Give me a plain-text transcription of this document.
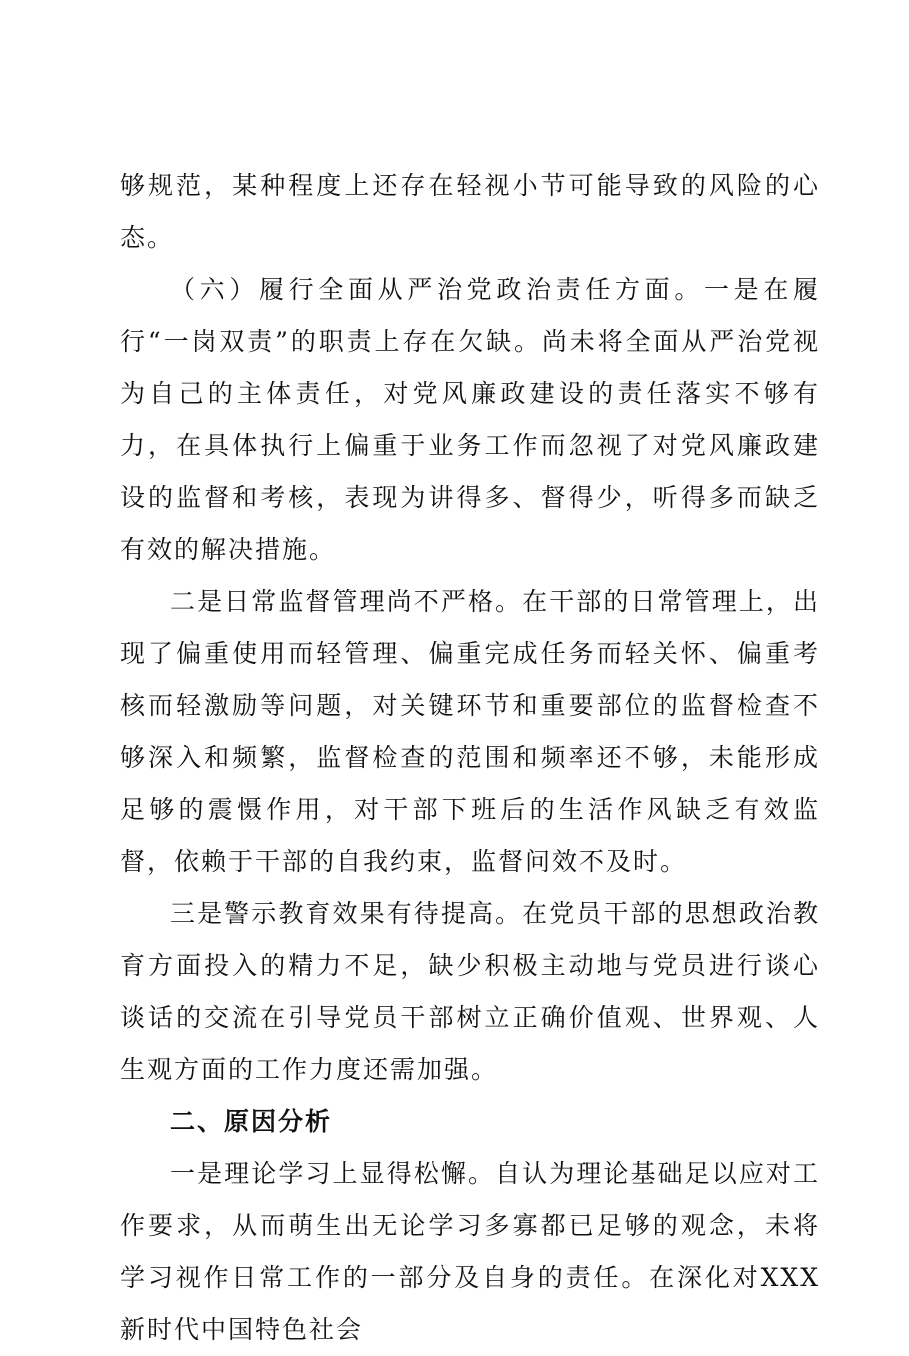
够规范，某种程度上还存在轻视小节可能导致的风险的心态。

（六）履行全面从严治党政治责任方面。一是在履行“一岗双责”的职责上存在欠缺。尚未将全面从严治党视为自己的主体责任，对党风廉政建设的责任落实不够有力，在具体执行上偏重于业务工作而忽视了对党风廉政建设的监督和考核，表现为讲得多、督得少，听得多而缺乏有效的解决措施。

二是日常监督管理尚不严格。在干部的日常管理上，出现了偏重使用而轻管理、偏重完成任务而轻关怀、偏重考核而轻激励等问题，对关键环节和重要部位的监督检查不够深入和频繁，监督检查的范围和频率还不够，未能形成足够的震慑作用，对干部下班后的生活作风缺乏有效监督，依赖于干部的自我约束，监督问效不及时。

三是警示教育效果有待提高。在党员干部的思想政治教育方面投入的精力不足，缺少积极主动地与党员进行谈心谈话的交流在引导党员干部树立正确价值观、世界观、人生观方面的工作力度还需加强。

二、原因分析

一是理论学习上显得松懈。自认为理论基础足以应对工作要求，从而萌生出无论学习多寡都已足够的观念，未将学习视作日常工作的一部分及自身的责任。在深化对XXX新时代中国特色社会
